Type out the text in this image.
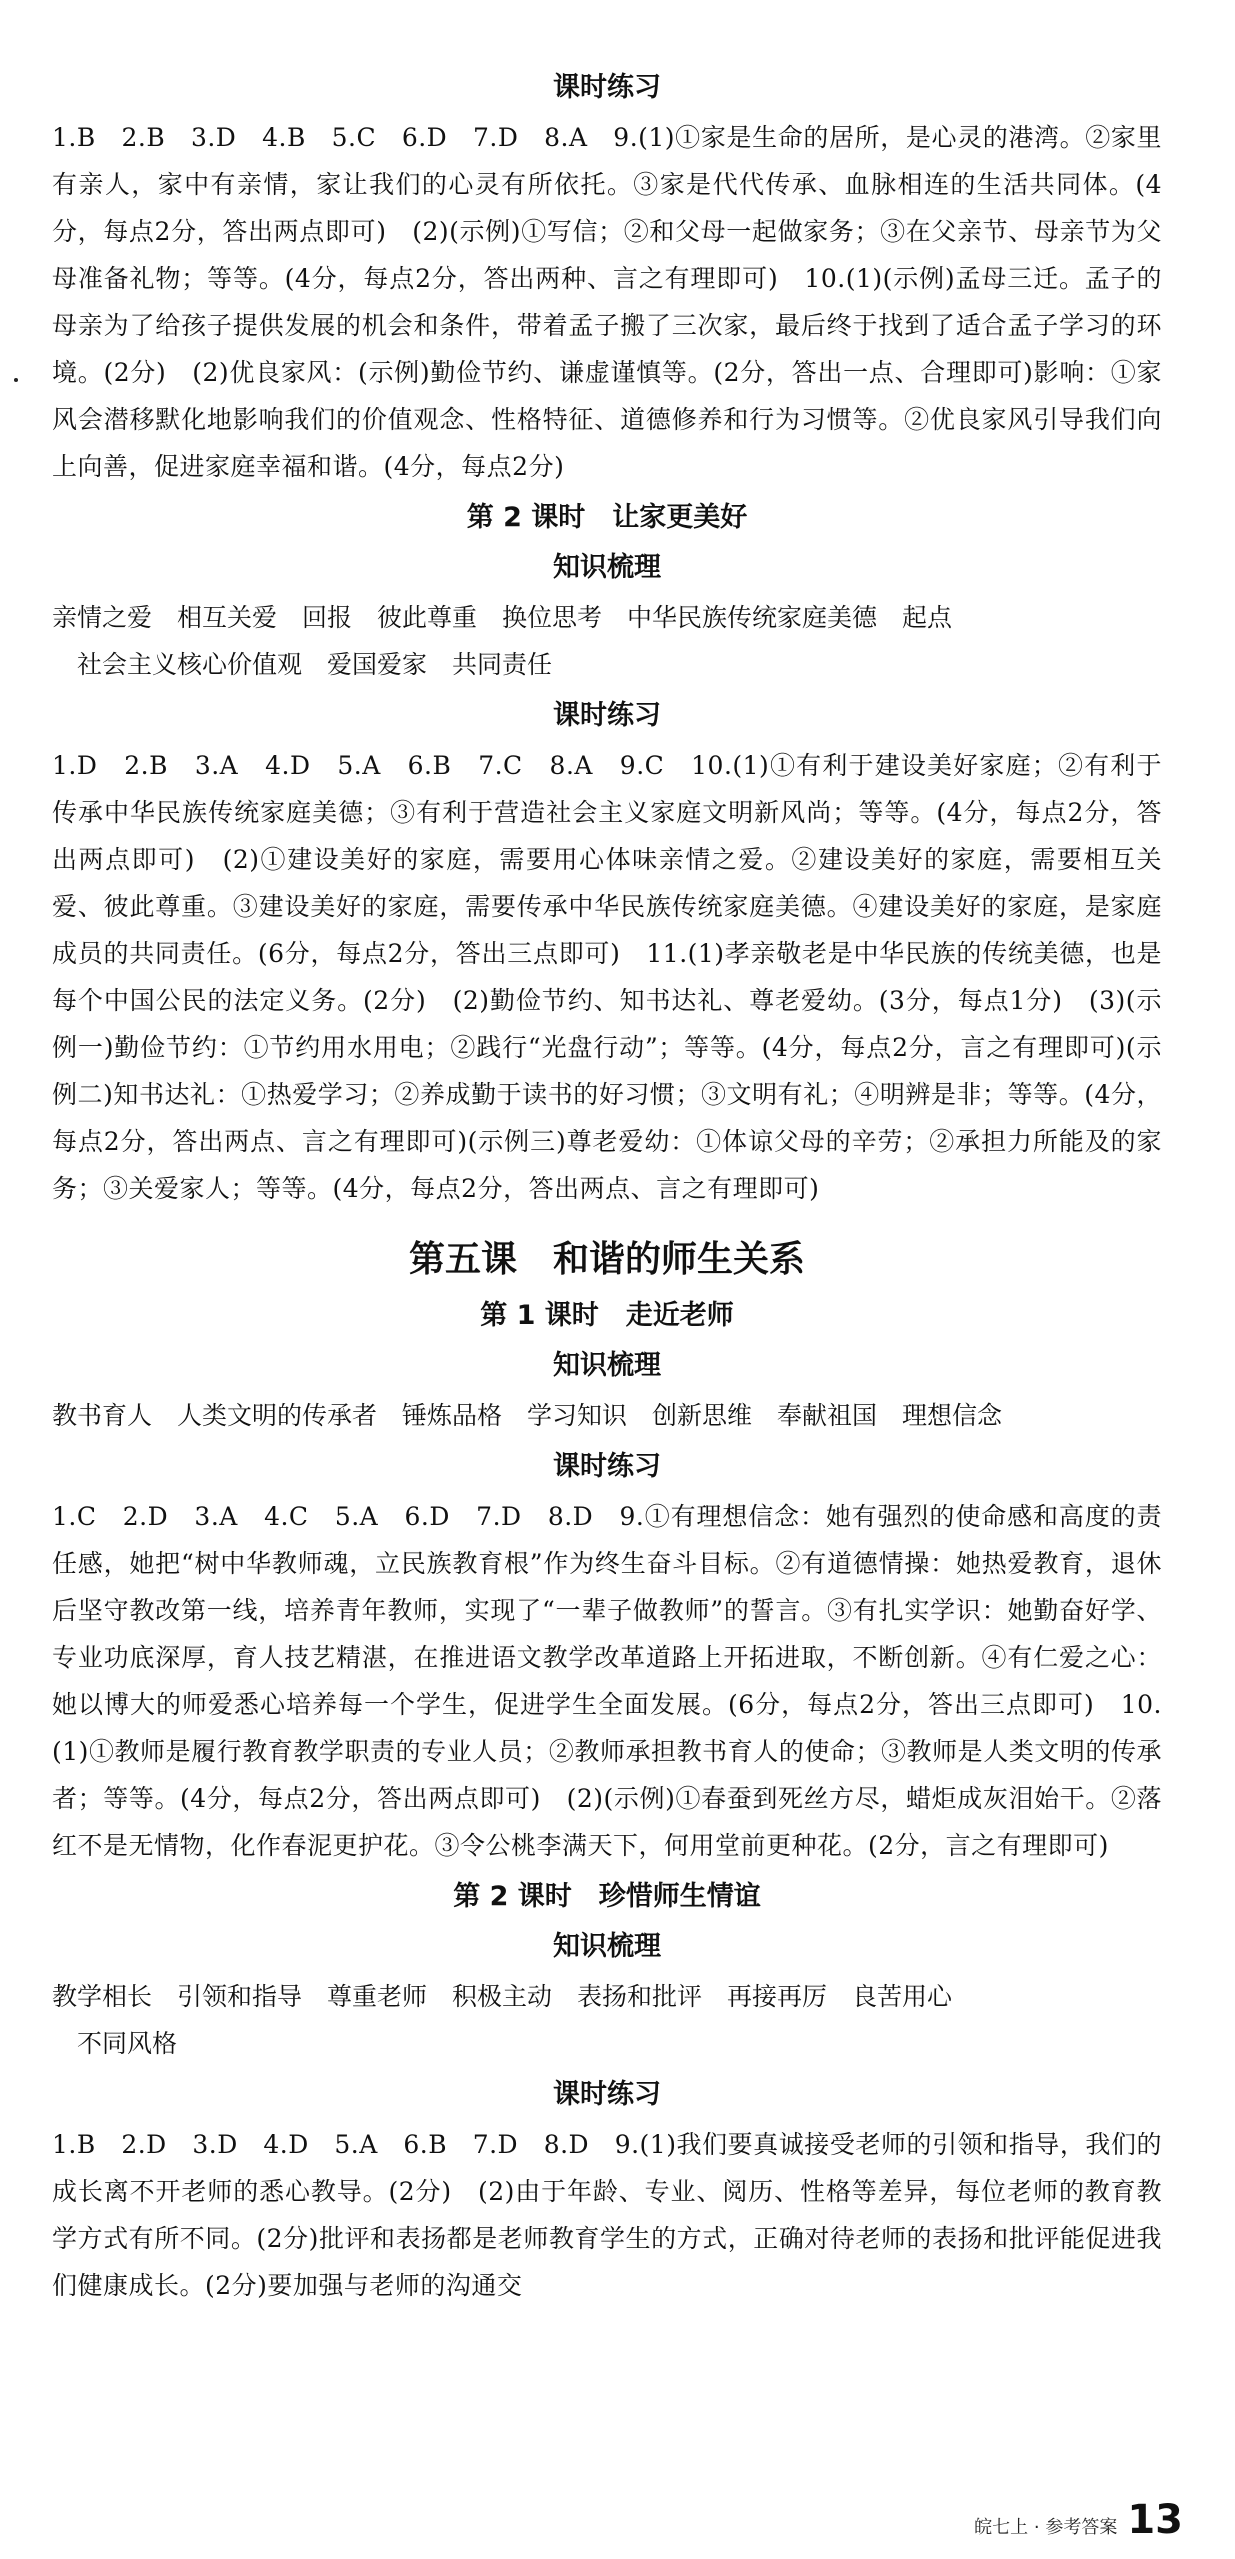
课时练习

1.B　2.B　3.D　4.B　5.C　6.D　7.D　8.A　9.(1)①家是生命的居所，是心灵的港湾。②家里有亲人，家中有亲情，家让我们的心灵有所依托。③家是代代传承、血脉相连的生活共同体。(4分，每点2分，答出两点即可)　(2)(示例)①写信；②和父母一起做家务；③在父亲节、母亲节为父母准备礼物；等等。(4分，每点2分，答出两种、言之有理即可)　10.(1)(示例)孟母三迁。孟子的母亲为了给孩子提供发展的机会和条件，带着孟子搬了三次家，最后终于找到了适合孟子学习的环境。(2分)　(2)优良家风：(示例)勤俭节约、谦虚谨慎等。(2分，答出一点、合理即可)影响：①家风会潜移默化地影响我们的价值观念、性格特征、道德修养和行为习惯等。②优良家风引导我们向上向善，促进家庭幸福和谐。(4分，每点2分)

第 2 课时　让家更美好
知识梳理

亲情之爱　相互关爱　回报　彼此尊重　换位思考　中华民族传统家庭美德　起点

　社会主义核心价值观　爱国爱家　共同责任

课时练习

1.D　2.B　3.A　4.D　5.A　6.B　7.C　8.A　9.C　10.(1)①有利于建设美好家庭；②有利于传承中华民族传统家庭美德；③有利于营造社会主义家庭文明新风尚；等等。(4分，每点2分，答出两点即可)　(2)①建设美好的家庭，需要用心体味亲情之爱。②建设美好的家庭，需要相互关爱、彼此尊重。③建设美好的家庭，需要传承中华民族传统家庭美德。④建设美好的家庭，是家庭成员的共同责任。(6分，每点2分，答出三点即可)　11.(1)孝亲敬老是中华民族的传统美德，也是每个中国公民的法定义务。(2分)　(2)勤俭节约、知书达礼、尊老爱幼。(3分，每点1分)　(3)(示例一)勤俭节约：①节约用水用电；②践行“光盘行动”；等等。(4分，每点2分，言之有理即可)(示例二)知书达礼：①热爱学习；②养成勤于读书的好习惯；③文明有礼；④明辨是非；等等。(4分，每点2分，答出两点、言之有理即可)(示例三)尊老爱幼：①体谅父母的辛劳；②承担力所能及的家务；③关爱家人；等等。(4分，每点2分，答出两点、言之有理即可)

第五课　和谐的师生关系
第 1 课时　走近老师
知识梳理

教书育人　人类文明的传承者　锤炼品格　学习知识　创新思维　奉献祖国　理想信念

课时练习

1.C　2.D　3.A　4.C　5.A　6.D　7.D　8.D　9.①有理想信念：她有强烈的使命感和高度的责任感，她把“树中华教师魂，立民族教育根”作为终生奋斗目标。②有道德情操：她热爱教育，退休后坚守教改第一线，培养青年教师，实现了“一辈子做教师”的誓言。③有扎实学识：她勤奋好学、专业功底深厚，育人技艺精湛，在推进语文教学改革道路上开拓进取，不断创新。④有仁爱之心：她以博大的师爱悉心培养每一个学生，促进学生全面发展。(6分，每点2分，答出三点即可)　10.(1)①教师是履行教育教学职责的专业人员；②教师承担教书育人的使命；③教师是人类文明的传承者；等等。(4分，每点2分，答出两点即可)　(2)(示例)①春蚕到死丝方尽，蜡炬成灰泪始干。②落红不是无情物，化作春泥更护花。③令公桃李满天下，何用堂前更种花。(2分，言之有理即可)

第 2 课时　珍惜师生情谊
知识梳理

教学相长　引领和指导　尊重老师　积极主动　表扬和批评　再接再厉　良苦用心

　不同风格

课时练习

1.B　2.D　3.D　4.D　5.A　6.B　7.D　8.D　9.(1)我们要真诚接受老师的引领和指导，我们的成长离不开老师的悉心教导。(2分)　(2)由于年龄、专业、阅历、性格等差异，每位老师的教育教学方式有所不同。(2分)批评和表扬都是老师教育学生的方式，正确对待老师的表扬和批评能促进我们健康成长。(2分)要加强与老师的沟通交

皖七上 · 参考答案 13
